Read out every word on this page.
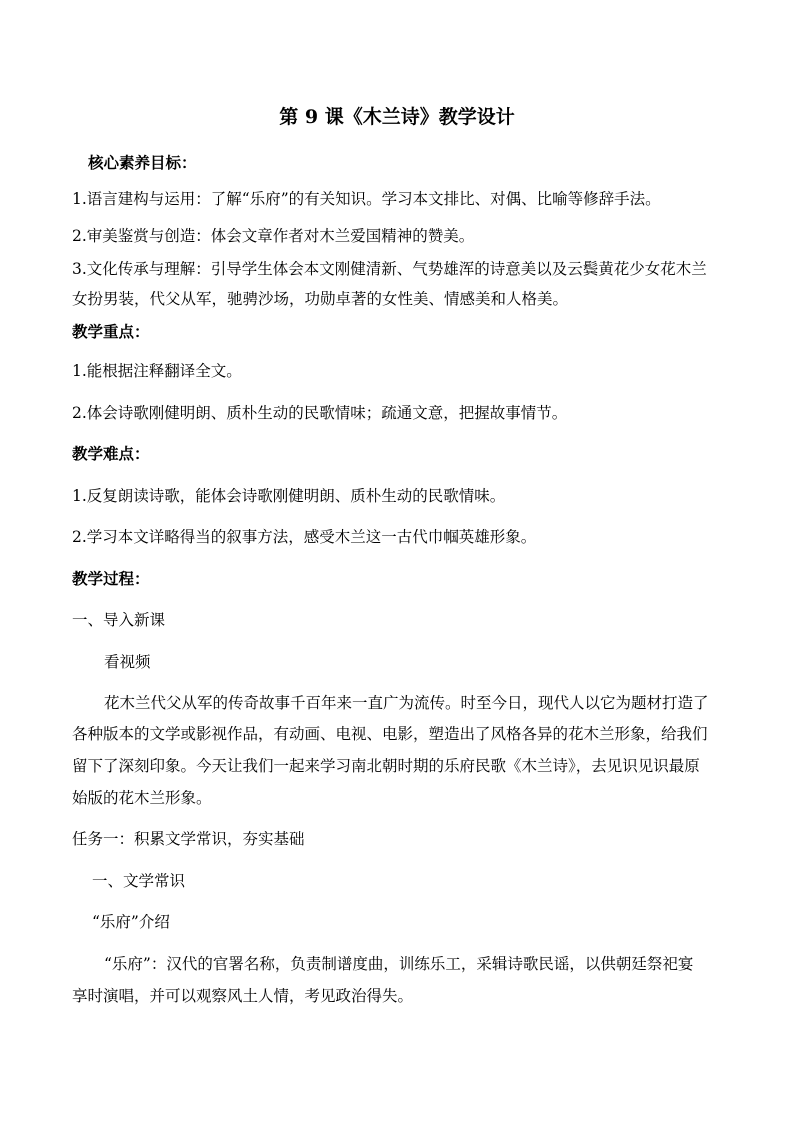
第 9 课《木兰诗》教学设计
核心素养目标：
1.语言建构与运用：了解“乐府”的有关知识。学习本文排比、对偶、比喻等修辞手法。
2.审美鉴赏与创造：体会文章作者对木兰爱国精神的赞美。
3.文化传承与理解：引导学生体会本文刚健清新、气势雄浑的诗意美以及云鬓黄花少女花木兰
女扮男装，代父从军，驰骋沙场，功勋卓著的女性美、情感美和人格美。
教学重点：
1.能根据注释翻译全文。
2.体会诗歌刚健明朗、质朴生动的民歌情味；疏通文意，把握故事情节。
教学难点：
1.反复朗读诗歌，能体会诗歌刚健明朗、质朴生动的民歌情味。
2.学习本文详略得当的叙事方法，感受木兰这一古代巾帼英雄形象。
教学过程：
一、导入新课
看视频
花木兰代父从军的传奇故事千百年来一直广为流传。时至今日，现代人以它为题材打造了
各种版本的文学或影视作品，有动画、电视、电影，塑造出了风格各异的花木兰形象，给我们
留下了深刻印象。今天让我们一起来学习南北朝时期的乐府民歌《木兰诗》，去见识见识最原
始版的花木兰形象。
任务一：积累文学常识，夯实基础
一、文学常识
“乐府”介绍
“乐府”：汉代的官署名称，负责制谱度曲，训练乐工，采辑诗歌民谣，以供朝廷祭祀宴
享时演唱，并可以观察风土人情，考见政治得失。
